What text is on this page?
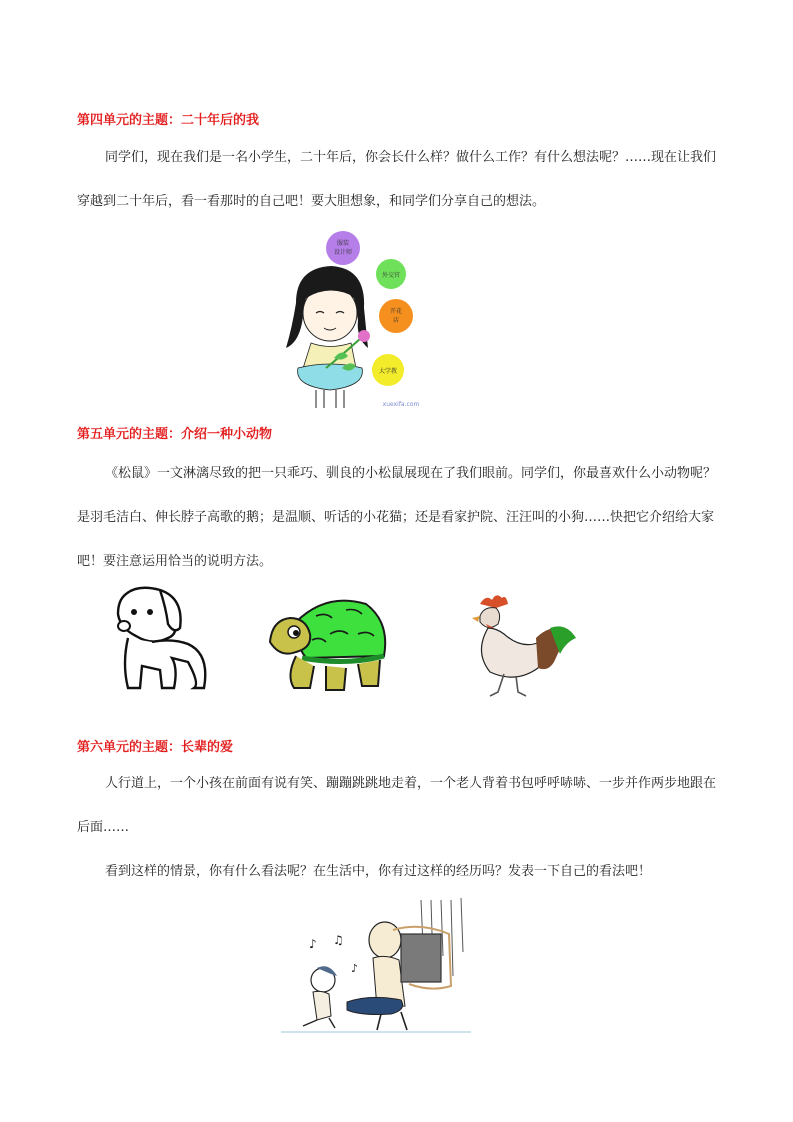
第四单元的主题：二十年后的我
同学们，现在我们是一名小学生，二十年后，你会长什么样？做什么工作？有什么想法呢？……现在让我们穿越到二十年后，看一看那时的自己吧！要大胆想象，和同学们分享自己的想法。
服装
设计师
外交官
开花
店
大学教
xuexifa.com
第五单元的主题：介绍一种小动物
《松鼠》一文淋漓尽致的把一只乖巧、驯良的小松鼠展现在了我们眼前。同学们，你最喜欢什么小动物呢？是羽毛洁白、伸长脖子高歌的鹅；是温顺、听话的小花猫；还是看家护院、汪汪叫的小狗……快把它介绍给大家吧！要注意运用恰当的说明方法。
第六单元的主题：长辈的爱
人行道上，一个小孩在前面有说有笑、蹦蹦跳跳地走着，一个老人背着书包呼呼哧哧、一步并作两步地跟在后面……
看到这样的情景，你有什么看法呢？在生活中，你有过这样的经历吗？发表一下自己的看法吧！
♪ ♫
♪
